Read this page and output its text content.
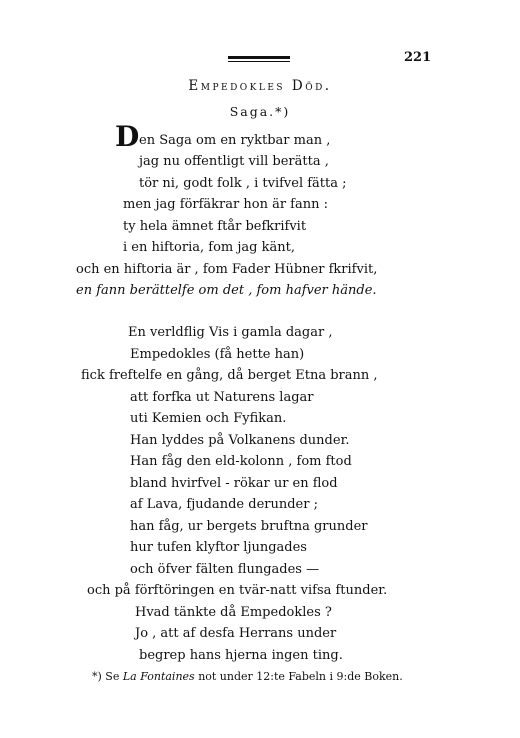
221
Empedokles Död.
Saga.*)
D en Saga om en ryktbar man ,
jag nu offentligt vill berätta ,
tör ni, godt folk , i tvifvel fätta ;
men jag förfäkrar hon är fann :
ty hela ämnet ftår befkrifvit
i en hiftoria, fom jag känt,
och en hiftoria är , fom Fader Hübner fkrifvit,
en fann berättelfe om det , fom hafver hände.
En verldflig Vis i gamla dagar ,
Empedokles (få hette han)
fick freftelfe en gång, då berget Etna brann ,
att forfka ut Naturens lagar
uti Kemien och Fyfikan.
Han lyddes på Volkanens dunder.
Han fåg den eld-kolonn , fom ftod
bland hvirfvel - rökar ur en flod
af Lava, fjudande derunder ;
han fåg, ur bergets bruftna grunder
hur tufen klyftor ljungades
och öfver fälten flungades —
och på förftöringen en tvär-natt vifsa ftunder.
Hvad tänkte då Empedokles ?
Jo , att af desfa Herrans under
begrep hans hjerna ingen ting.
*) Se La Fontaines not under 12:te Fabeln i 9:de Boken.
